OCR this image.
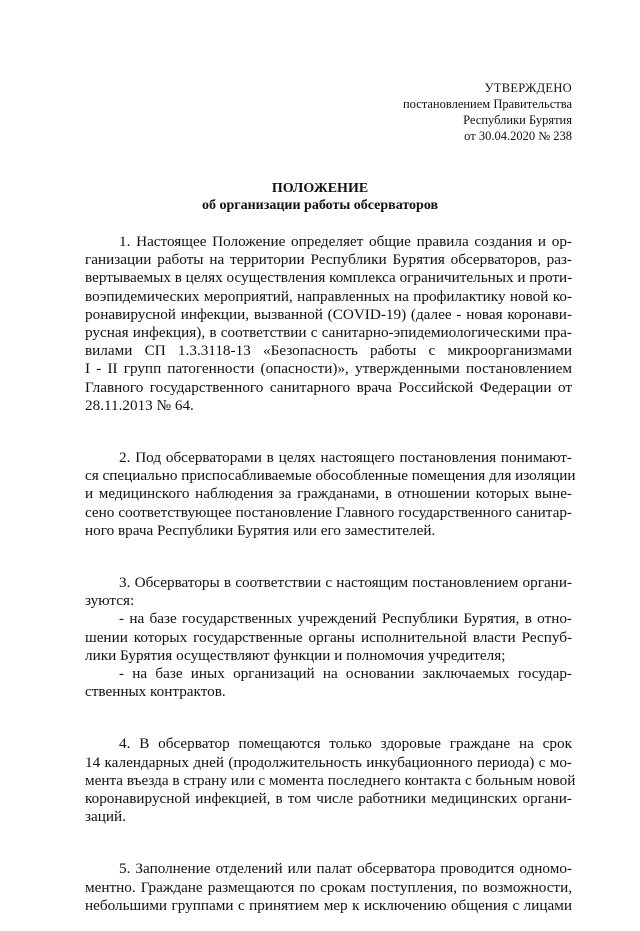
УТВЕРЖДЕНО
постановлением Правительства
Республики Бурятия
от 30.04.2020 № 238
ПОЛОЖЕНИЕ
об организации работы обсерваторов
1. Настоящее Положение определяет общие правила создания и ор-
ганизации работы на территории Республики Бурятия обсерваторов, раз-
вертываемых в целях осуществления комплекса ограничительных и проти-
воэпидемических мероприятий, направленных на профилактику новой ко-
ронавирусной инфекции, вызванной (COVID-19) (далее - новая коронави-
русная инфекция), в соответствии с санитарно-эпидемиологическими пра-
вилами СП 1.3.3118-13 «Безопасность работы с микроорганизмами
I - II групп патогенности (опасности)», утвержденными постановлением
Главного государственного санитарного врача Российской Федерации от
28.11.2013 № 64.
2. Под обсерваторами в целях настоящего постановления понимают-
ся специально приспосабливаемые обособленные помещения для изоляции
и медицинского наблюдения за гражданами, в отношении которых выне-
сено соответствующее постановление Главного государственного санитар-
ного врача Республики Бурятия или его заместителей.
3. Обсерваторы в соответствии с настоящим постановлением органи-
зуются:
- на базе государственных учреждений Республики Бурятия, в отно-
шении которых государственные органы исполнительной власти Респуб-
лики Бурятия осуществляют функции и полномочия учредителя;
- на базе иных организаций на основании заключаемых государ-
ственных контрактов.
4. В обсерватор помещаются только здоровые граждане на срок
14 календарных дней (продолжительность инкубационного периода) с мо-
мента въезда в страну или с момента последнего контакта с больным новой
коронавирусной инфекцией, в том числе работники медицинских органи-
заций.
5. Заполнение отделений или палат обсерватора проводится одномо-
ментно. Граждане размещаются по срокам поступления, по возможности,
небольшими группами с принятием мер к исключению общения с лицами
